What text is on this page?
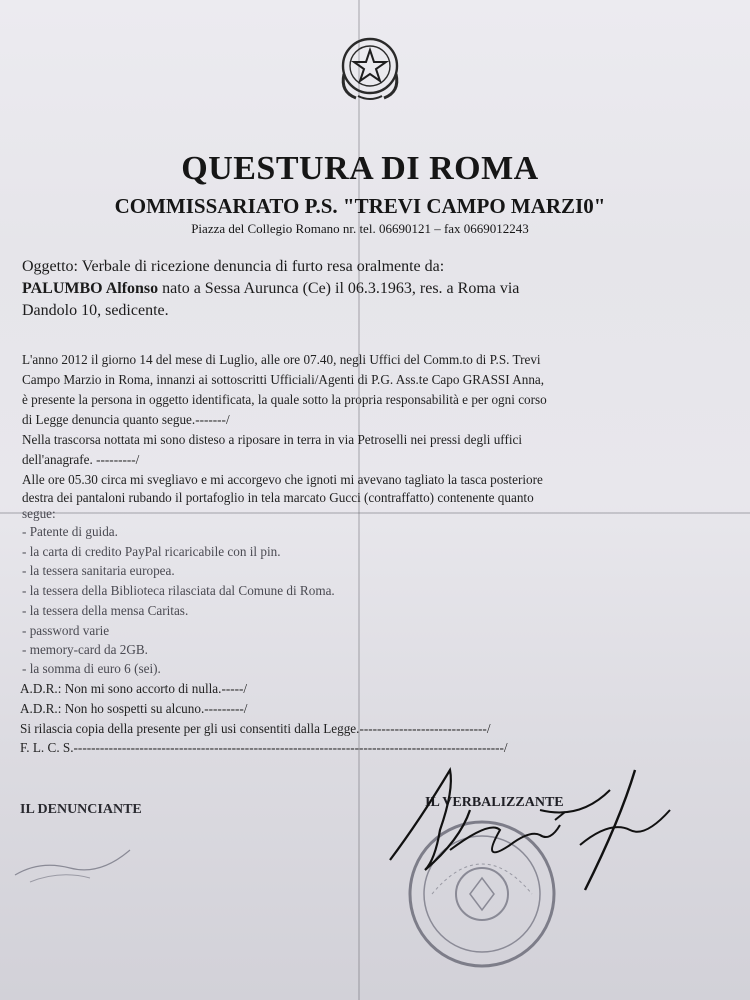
QUESTURA DI ROMA
COMMISSARIATO P.S. "TREVI CAMPO MARZI0"
Piazza del Collegio Romano nr. tel. 06690121 – fax 0669012243
Oggetto: Verbale di ricezione denuncia di furto resa oralmente da:
PALUMBO Alfonso nato a Sessa Aurunca (Ce) il 06.3.1963, res. a Roma via
Dandolo 10, sedicente.
L'anno 2012 il giorno 14 del mese di Luglio, alle ore 07.40, negli Uffici del Comm.to di P.S. Trevi
Campo Marzio in Roma, innanzi ai sottoscritti Ufficiali/Agenti di P.G. Ass.te Capo GRASSI Anna,
è presente la persona in oggetto identificata, la quale sotto la propria responsabilità e per ogni corso
di Legge denuncia quanto segue.-------/
Nella trascorsa nottata mi sono disteso a riposare in terra in via Petroselli nei pressi degli uffici
dell'anagrafe. ---------/
Alle ore 05.30 circa mi svegliavo e mi accorgevo che ignoti mi avevano tagliato la tasca posteriore
destra dei pantaloni rubando il portafoglio in tela marcato Gucci (contraffatto) contenente quanto
segue:
- Patente di guida.
- la carta di credito PayPal ricaricabile con il pin.
- la tessera sanitaria europea.
- la tessera della Biblioteca rilasciata dal Comune di Roma.
- la tessera della mensa Caritas.
- password varie
- memory-card da 2GB.
- la somma di euro 6 (sei).
A.D.R.: Non mi sono accorto di nulla.-----/
A.D.R.: Non ho sospetti su alcuno.---------/
Si rilascia copia della presente per gli usi consentiti dalla Legge.-----------------------------/
F. L. C. S.--------------------------------------------------------------------------------------------------/
IL DENUNCIANTE	IL VERBALIZZANTE
